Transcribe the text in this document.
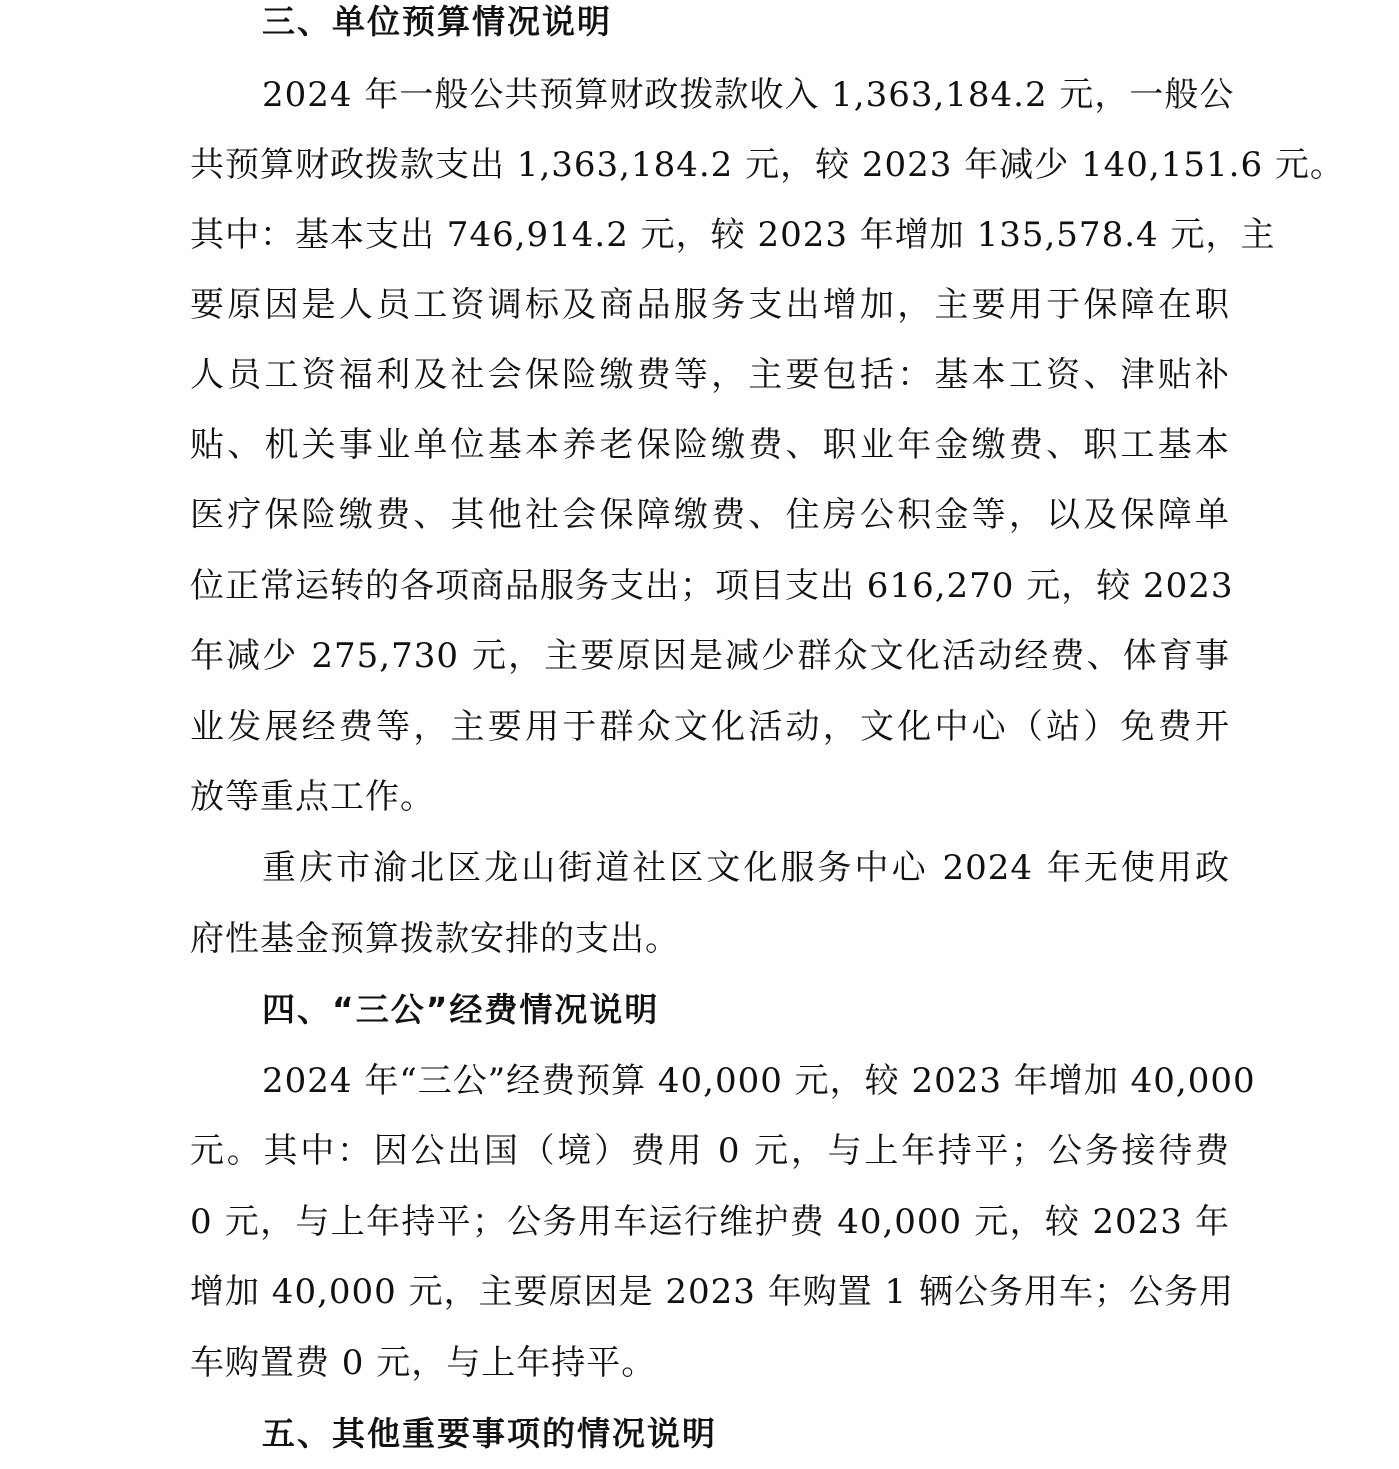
三、单位预算情况说明
2024 年一般公共预算财政拨款收入 1,363,184.2 元，一般公
共预算财政拨款支出 1,363,184.2 元，较 2023 年减少 140,151.6 元。
其中：基本支出 746,914.2 元，较 2023 年增加 135,578.4 元，主
要原因是人员工资调标及商品服务支出增加，主要用于保障在职
人员工资福利及社会保险缴费等，主要包括：基本工资、津贴补
贴、机关事业单位基本养老保险缴费、职业年金缴费、职工基本
医疗保险缴费、其他社会保障缴费、住房公积金等，以及保障单
位正常运转的各项商品服务支出；项目支出 616,270 元，较 2023
年减少 275,730 元，主要原因是减少群众文化活动经费、体育事
业发展经费等，主要用于群众文化活动，文化中心（站）免费开
放等重点工作。
重庆市渝北区龙山街道社区文化服务中心 2024 年无使用政
府性基金预算拨款安排的支出。
四、“三公”经费情况说明
2024 年“三公”经费预算 40,000 元，较 2023 年增加 40,000
元。其中：因公出国（境）费用 0 元，与上年持平；公务接待费
0 元，与上年持平；公务用车运行维护费 40,000 元，较 2023 年
增加 40,000 元，主要原因是 2023 年购置 1 辆公务用车；公务用
车购置费 0 元，与上年持平。
五、其他重要事项的情况说明
